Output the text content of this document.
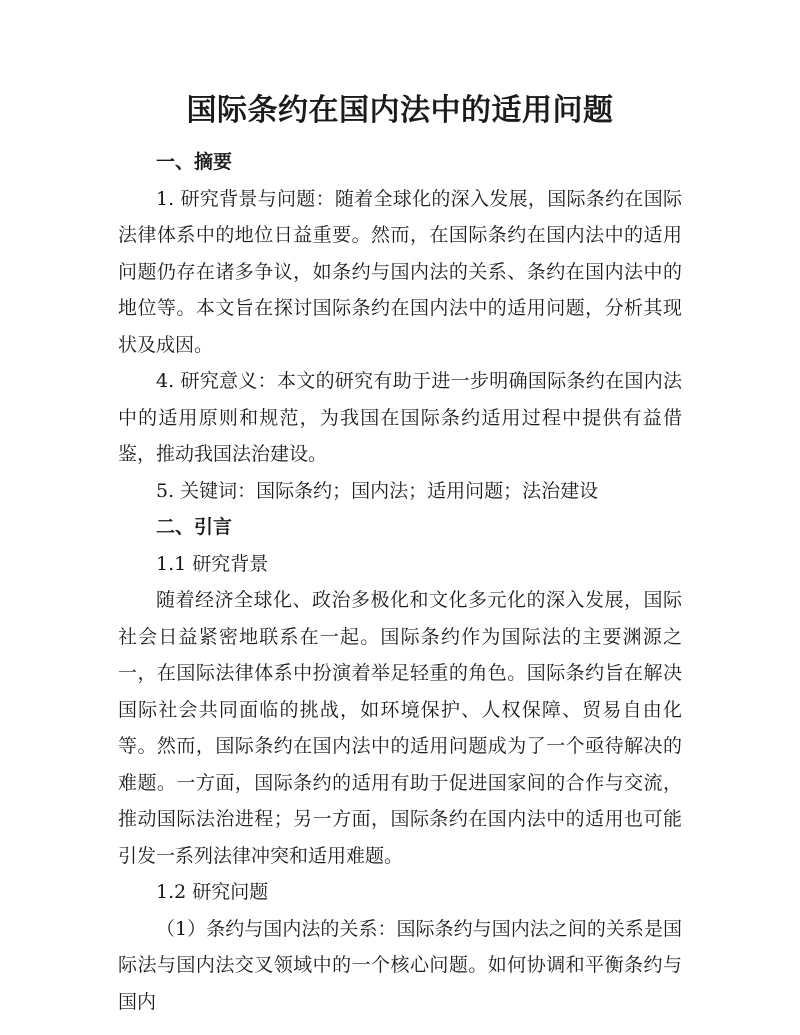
国际条约在国内法中的适用问题

一、摘要

1. 研究背景与问题：随着全球化的深入发展，国际条约在国际法律体系中的地位日益重要。然而，在国际条约在国内法中的适用问题仍存在诸多争议，如条约与国内法的关系、条约在国内法中的地位等。本文旨在探讨国际条约在国内法中的适用问题，分析其现状及成因。

4. 研究意义：本文的研究有助于进一步明确国际条约在国内法中的适用原则和规范，为我国在国际条约适用过程中提供有益借鉴，推动我国法治建设。

5. 关键词：国际条约；国内法；适用问题；法治建设

二、引言

1.1 研究背景

随着经济全球化、政治多极化和文化多元化的深入发展，国际社会日益紧密地联系在一起。国际条约作为国际法的主要渊源之一，在国际法律体系中扮演着举足轻重的角色。国际条约旨在解决国际社会共同面临的挑战，如环境保护、人权保障、贸易自由化等。然而，国际条约在国内法中的适用问题成为了一个亟待解决的难题。一方面，国际条约的适用有助于促进国家间的合作与交流，推动国际法治进程；另一方面，国际条约在国内法中的适用也可能引发一系列法律冲突和适用难题。

1.2 研究问题

（1）条约与国内法的关系：国际条约与国内法之间的关系是国际法与国内法交叉领域中的一个核心问题。如何协调和平衡条约与国内
